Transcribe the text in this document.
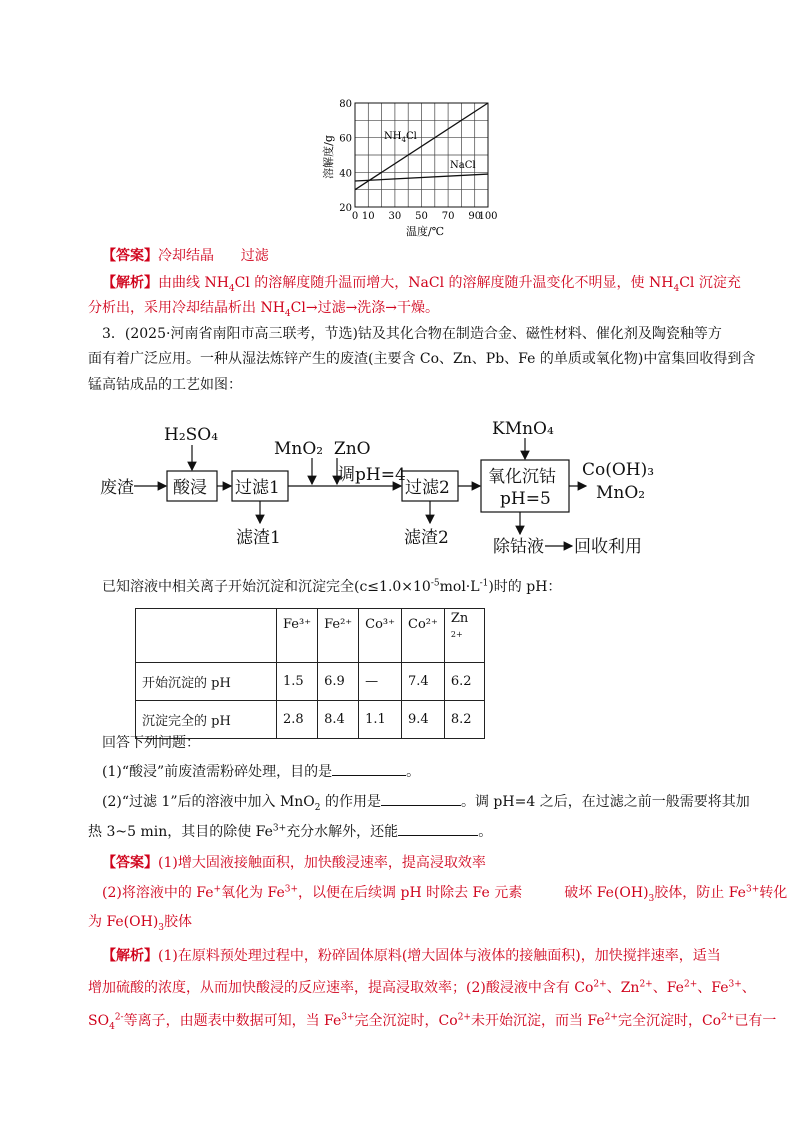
0 10 30 50 70 90
100
80
60
40
20
溶解度/g
温度/℃
$NH_4Cl$
NaCl
【答案】冷却结晶      过滤
【解析】由曲线 $NH_4Cl$ 的溶解度随升温而增大，NaCl 的溶解度随升温变化不明显，使 $NH_4Cl$ 沉淀充
分析出，采用冷却结晶析出 $NH_4Cl\to$过滤→洗涤→干燥。
3．(2025·河南省南阳市高三联考，节选)钴及其化合物在制造合金、磁性材料、催化剂及陶瓷釉等方
面有着广泛应用。一种从湿法炼锌产生的废渣(主要含 Co、Zn、Pb、Fe 的单质或氧化物)中富集回收得到含
锰高钴成品的工艺如图：
废渣
H₂SO₄
酸浸 过滤1
滤渣1
MnO₂  ZnO
调pH=4
过滤2
滤渣2
KMnO₄
氧化沉钴
pH=5
Co(OH)₃
MnO₂
除钴液 回收利用
已知溶液中相关离子开始沉淀和沉淀完全$(c\le 1.0\times 10^{-5}mol\cdot L^{-1})$时的 pH：
	Fe³⁺	Fe²⁺	Co³⁺	Co²⁺	Zn
2+
开始沉淀的 pH	1.5	6.9	—	7.4	6.2
沉淀完全的 pH	2.8	8.4	1.1	9.4	8.2
回答下列问题：
(1)“酸浸”前废渣需粉碎处理，目的是	。
(2)“过滤 1”后的溶液中加入 MnO$_2$ 的作用是	。调 pH=4 之后，在过滤之前一般需要将其加
热 3~5 min，其目的除使 $Fe^{3+}$充分水解外，还能	。
【答案】(1)增大固液接触面积，加快酸浸速率，提高浸取效率
(2)将溶液中的 Fe+氧化为 $Fe^{3+}$，以便在后续调 pH 时除去 Fe 元素	破坏 $Fe(OH)_3$胶体，防止 $Fe^{3+}$转化
为 $Fe(OH)_3$胶体
【解析】(1)在原料预处理过程中，粉碎固体原料(增大固体与液体的接触面积)，加快搅拌速率，适当
增加硫酸的浓度，从而加快酸浸的反应速率，提高浸取效率；(2)酸浸液中含有 $Co^{2+}$、$Zn^{2+}$、$Fe^{2+}$、$Fe^{3+}$、
$SO_4^{2-}$等离子，由题表中数据可知，当 $Fe^{3+}$完全沉淀时，$Co^{2+}$未开始沉淀，而当 $Fe^{2+}$完全沉淀时，$Co^{2+}$已有一
